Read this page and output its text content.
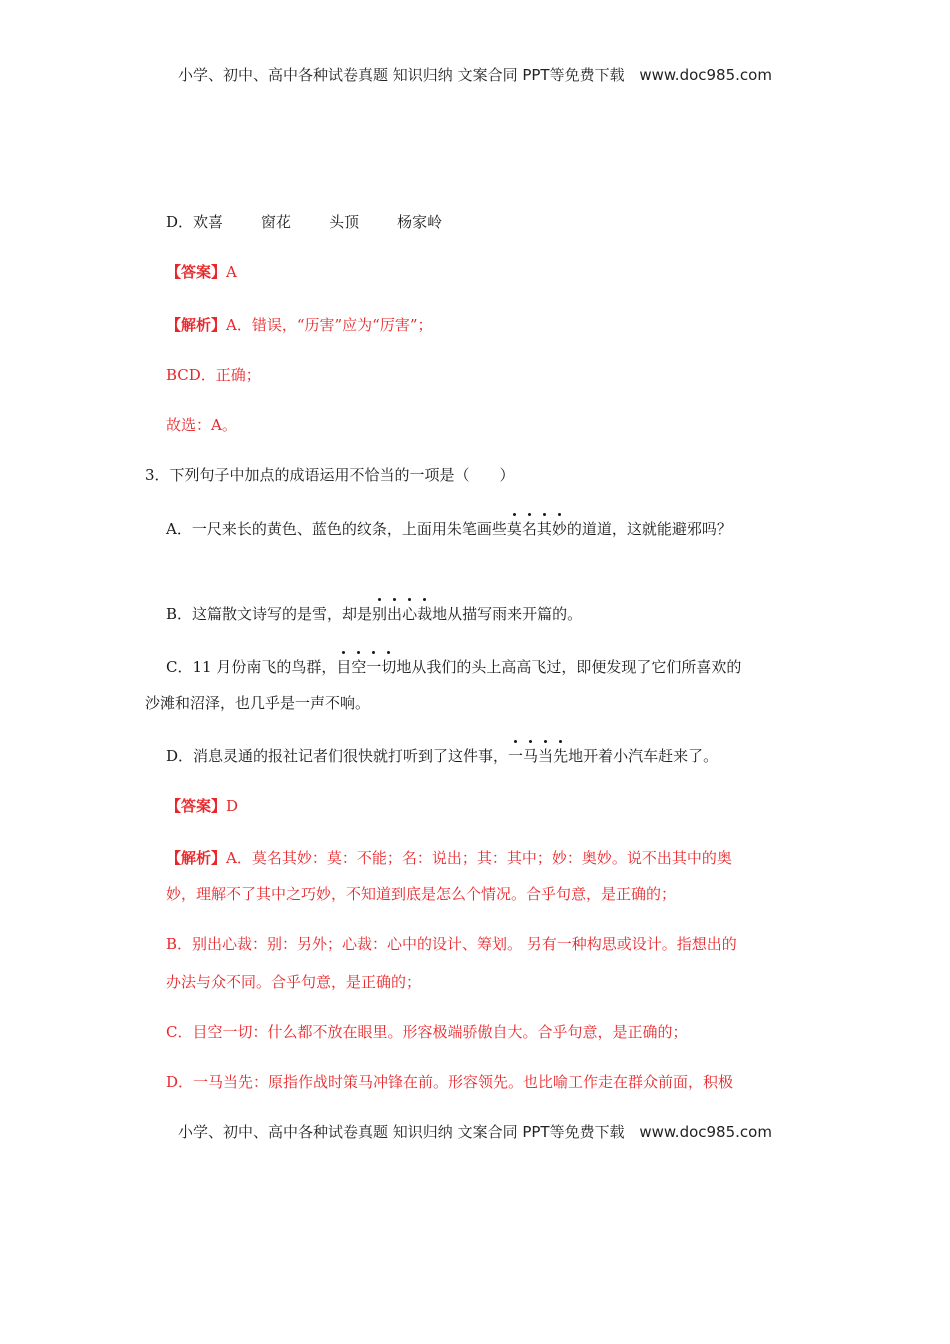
小学、初中、高中各种试卷真题 知识归纳 文案合同 PPT等免费下载 www.doc985.com
D．欢喜	窗花	头顶	杨家岭
【答案】A
【解析】A．错误，“历害”应为“厉害”；
BCD．正确；
故选：A。
3．下列句子中加点的成语运用不恰当的一项是（　　）
A．一尺来长的黄色、蓝色的纹条，上面用朱笔画些莫名其妙的道道，这就能避邪吗？
B．这篇散文诗写的是雪，却是别出心裁地从描写雨来开篇的。
C．11 月份南飞的鸟群，目空一切地从我们的头上高高飞过，即便发现了它们所喜欢的
沙滩和沼泽，也几乎是一声不响。
D．消息灵通的报社记者们很快就打听到了这件事，一马当先地开着小汽车赶来了。
【答案】D
【解析】A．莫名其妙：莫：不能；名：说出；其：其中；妙：奥妙。说不出其中的奥
妙，理解不了其中之巧妙，不知道到底是怎么个情况。合乎句意，是正确的；
B．别出心裁：别：另外；心裁：心中的设计、筹划。 另有一种构思或设计。指想出的
办法与众不同。合乎句意，是正确的；
C．目空一切：什么都不放在眼里。形容极端骄傲自大。合乎句意，是正确的；
D．一马当先：原指作战时策马冲锋在前。形容领先。也比喻工作走在群众前面，积极
小学、初中、高中各种试卷真题 知识归纳 文案合同 PPT等免费下载 www.doc985.com
